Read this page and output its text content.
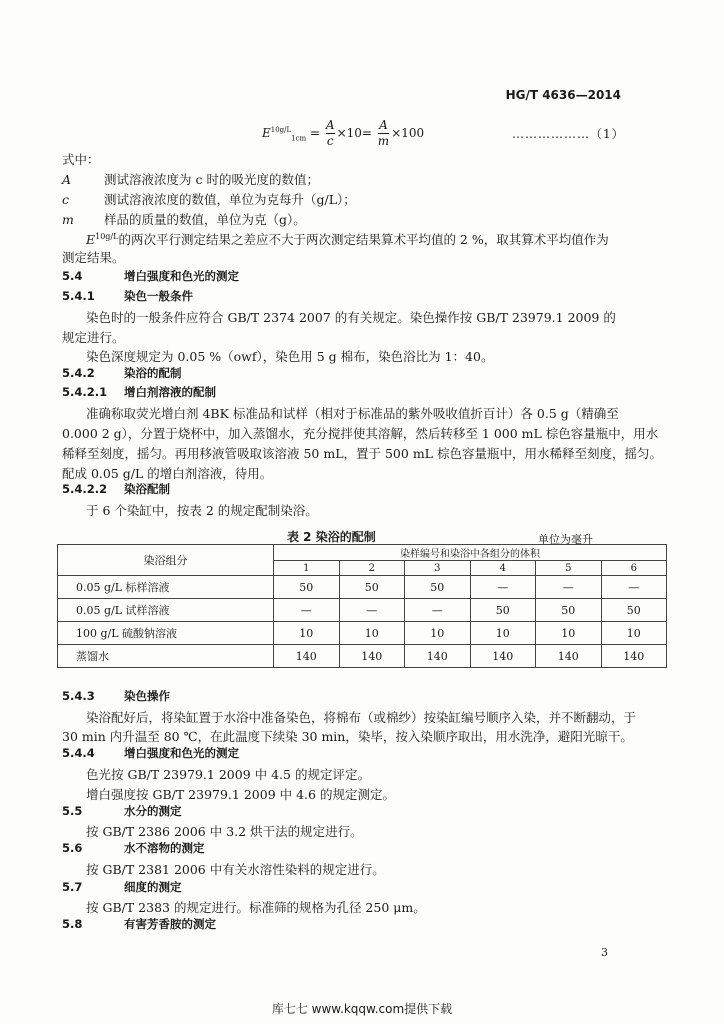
HG/T 4636—2014
$E^{10g/L}_{1cm} = \frac{A}{c} \times 10= \frac{A}{m} \times 100$	………………（1）
式中：
A	测试溶液浓度为 c 时的吸光度的数值；
c	测试溶液浓度的数值，单位为克每升（g/L）；
m 样品的质量的数值，单位为克（g）。
$E^{10g/L}$的两次平行测定结果之差应不大于两次测定结果算术平均值的 2 %，取其算术平均值作为
测定结果。
5.4	增白强度和色光的测定
5.4.1	染色一般条件
染色时的一般条件应符合 GB/T 2374 2007 的有关规定。染色操作按 GB/T 23979.1 2009 的
规定进行。
染色深度规定为 0.05 %（owf），染色用 5 g 棉布，染色浴比为 1：40。
5.4.2	染浴的配制
5.4.2.1 增白剂溶液的配制
准确称取荧光增白剂 4BK 标准品和试样（相对于标准品的紫外吸收值折百计）各 0.5 g（精确至
0.000 2 g），分置于烧杯中，加入蒸馏水，充分搅拌使其溶解，然后转移至 1 000 mL 棕色容量瓶中，用水
稀释至刻度，摇匀。再用移液管吸取该溶液 50 mL，置于 500 mL 棕色容量瓶中，用水稀释至刻度，摇匀。
配成 0.05 g/L 的增白剂溶液，待用。
5.4.2.2 染浴配制
于 6 个染缸中，按表 2 的规定配制染浴。
表 2 染浴的配制	单位为毫升
染浴组分	染样编号和染浴中各组分的体积					
	1	2	3	4	5	6
0.05 g/L 标样溶液	50	50	50	—	—	—
0.05 g/L 试样溶液	—	—	—	50	50	50
100 g/L 硫酸钠溶液	10	10	10	10	10	10
蒸馏水	140	140	140	140	140	140
5.4.3	染色操作
染浴配好后，将染缸置于水浴中准备染色，将棉布（或棉纱）按染缸编号顺序入染，并不断翻动，于
30 min 内升温至 80 ℃，在此温度下续染 30 min，染毕，按入染顺序取出，用水洗净，避阳光晾干。
5.4.4	增白强度和色光的测定
色光按 GB/T 23979.1 2009 中 4.5 的规定评定。
增白强度按 GB/T 23979.1 2009 中 4.6 的规定测定。
5.5	水分的测定
按 GB/T 2386 2006 中 3.2 烘干法的规定进行。
5.6	水不溶物的测定
按 GB/T 2381 2006 中有关水溶性染料的规定进行。
5.7	细度的测定
按 GB/T 2383 的规定进行。标准筛的规格为孔径 250 μm。
5.8	有害芳香胺的测定
3
库七七 www.kqqw.com提供下载
